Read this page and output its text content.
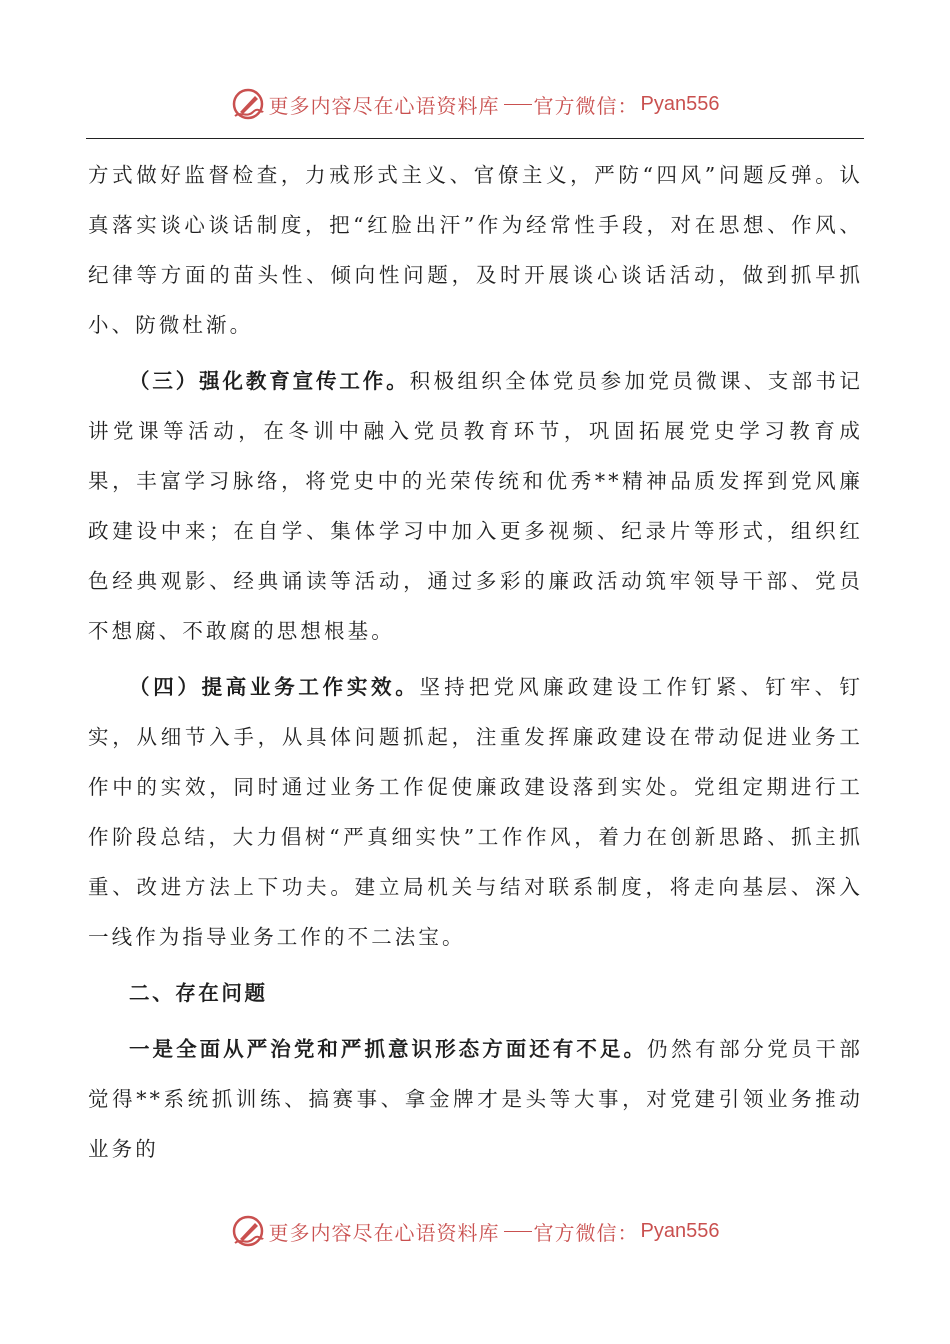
更多内容尽在心语资料库 官方微信： Pyan556

方式做好监督检查，力戒形式主义、官僚主义，严防“四风”问题反弹。认真落实谈心谈话制度，把“红脸出汗”作为经常性手段，对在思想、作风、纪律等方面的苗头性、倾向性问题，及时开展谈心谈话活动，做到抓早抓小、防微杜渐。

（三）强化教育宣传工作。积极组织全体党员参加党员微课、支部书记讲党课等活动，在冬训中融入党员教育环节，巩固拓展党史学习教育成果，丰富学习脉络，将党史中的光荣传统和优秀**精神品质发挥到党风廉政建设中来；在自学、集体学习中加入更多视频、纪录片等形式，组织红色经典观影、经典诵读等活动，通过多彩的廉政活动筑牢领导干部、党员不想腐、不敢腐的思想根基。

（四）提高业务工作实效。坚持把党风廉政建设工作钉紧、钉牢、钉实，从细节入手，从具体问题抓起，注重发挥廉政建设在带动促进业务工作中的实效，同时通过业务工作促使廉政建设落到实处。党组定期进行工作阶段总结，大力倡树“严真细实快”工作作风，着力在创新思路、抓主抓重、改进方法上下功夫。建立局机关与结对联系制度，将走向基层、深入一线作为指导业务工作的不二法宝。

二、存在问题

一是全面从严治党和严抓意识形态方面还有不足。仍然有部分党员干部觉得**系统抓训练、搞赛事、拿金牌才是头等大事，对党建引领业务推动业务的

更多内容尽在心语资料库 官方微信： Pyan556
